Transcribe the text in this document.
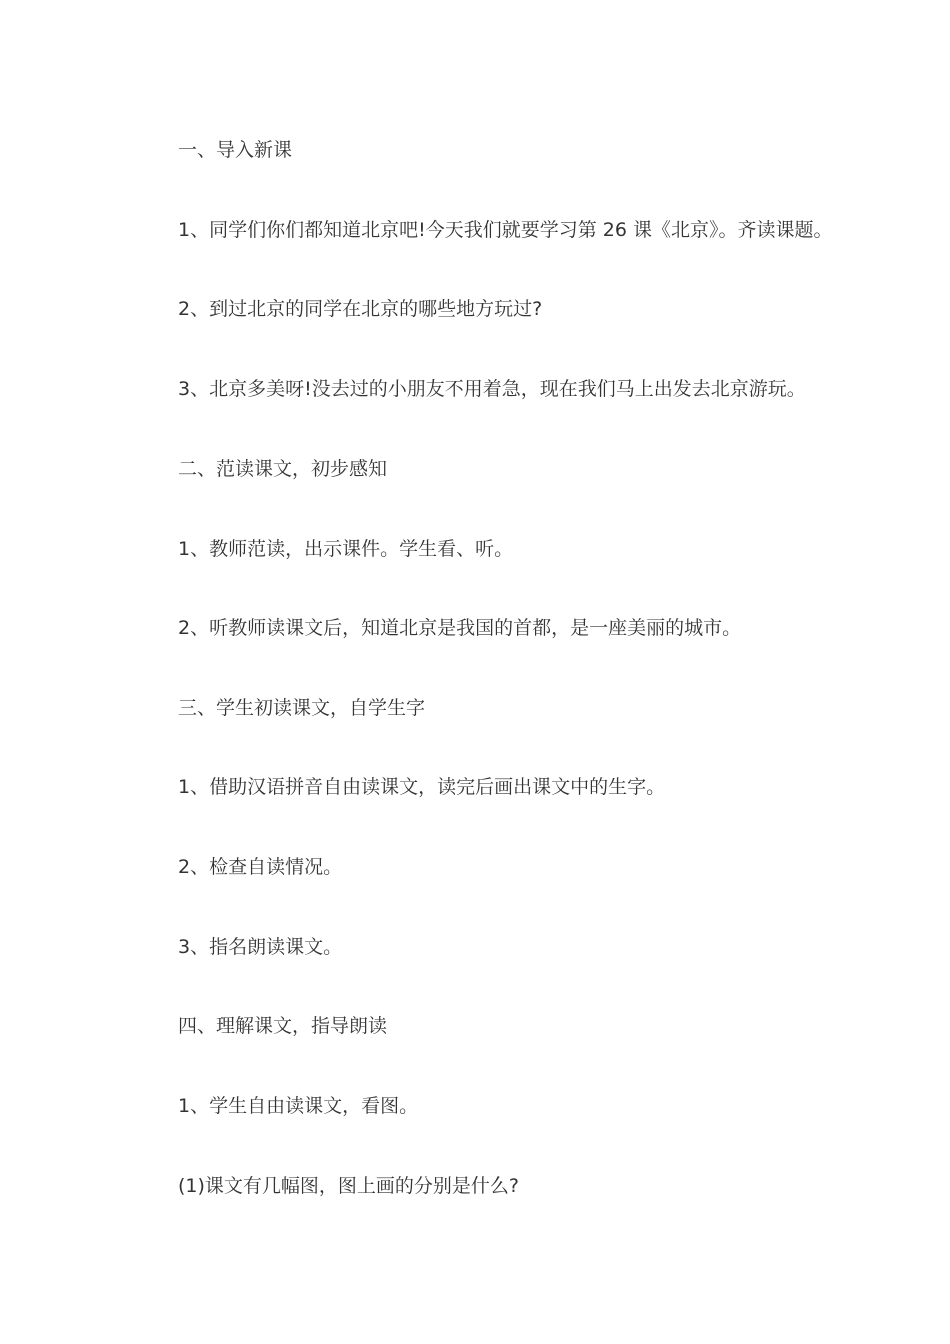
一、导入新课

1、同学们你们都知道北京吧!今天我们就要学习第 26 课《北京》。齐读课题。

2、到过北京的同学在北京的哪些地方玩过?

3、北京多美呀!没去过的小朋友不用着急，现在我们马上出发去北京游玩。

二、范读课文，初步感知

1、教师范读，出示课件。学生看、听。

2、听教师读课文后，知道北京是我国的首都，是一座美丽的城市。

三、学生初读课文，自学生字

1、借助汉语拼音自由读课文，读完后画出课文中的生字。

2、检查自读情况。

3、指名朗读课文。

四、理解课文，指导朗读

1、学生自由读课文，看图。

(1)课文有几幅图，图上画的分别是什么?
